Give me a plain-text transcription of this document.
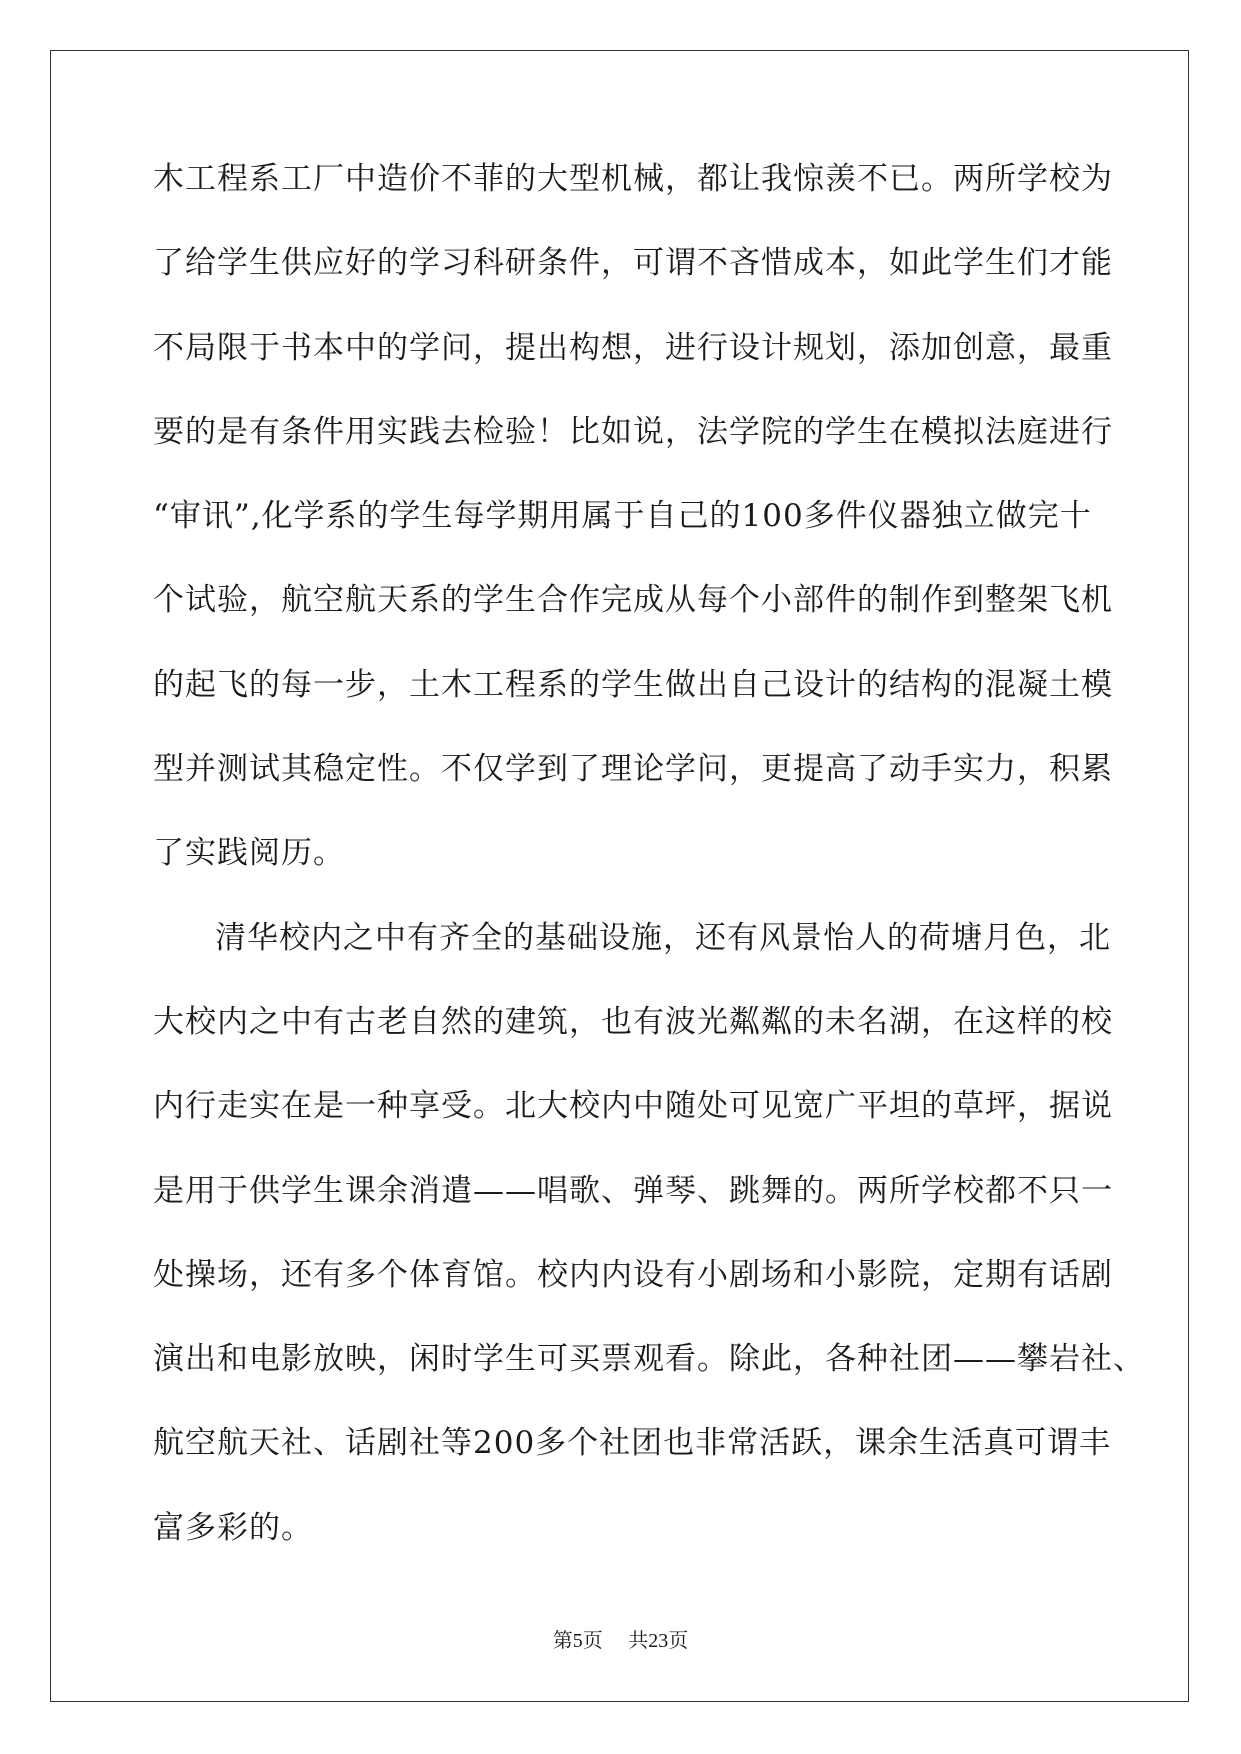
木工程系工厂中造价不菲的大型机械，都让我惊羡不已。两所学校为
了给学生供应好的学习科研条件，可谓不吝惜成本，如此学生们才能
不局限于书本中的学问，提出构想，进行设计规划，添加创意，最重
要的是有条件用实践去检验！比如说，法学院的学生在模拟法庭进行
“审讯”,化学系的学生每学期用属于自己的100多件仪器独立做完十
个试验，航空航天系的学生合作完成从每个小部件的制作到整架飞机
的起飞的每一步，土木工程系的学生做出自己设计的结构的混凝土模
型并测试其稳定性。不仅学到了理论学问，更提高了动手实力，积累
了实践阅历。
清华校内之中有齐全的基础设施，还有风景怡人的荷塘月色，北
大校内之中有古老自然的建筑，也有波光粼粼的未名湖，在这样的校
内行走实在是一种享受。北大校内中随处可见宽广平坦的草坪，据说
是用于供学生课余消遣——唱歌、弹琴、跳舞的。两所学校都不只一
处操场，还有多个体育馆。校内内设有小剧场和小影院，定期有话剧
演出和电影放映，闲时学生可买票观看。除此，各种社团——攀岩社、
航空航天社、话剧社等200多个社团也非常活跃，课余生活真可谓丰
富多彩的。
第5页 共23页
